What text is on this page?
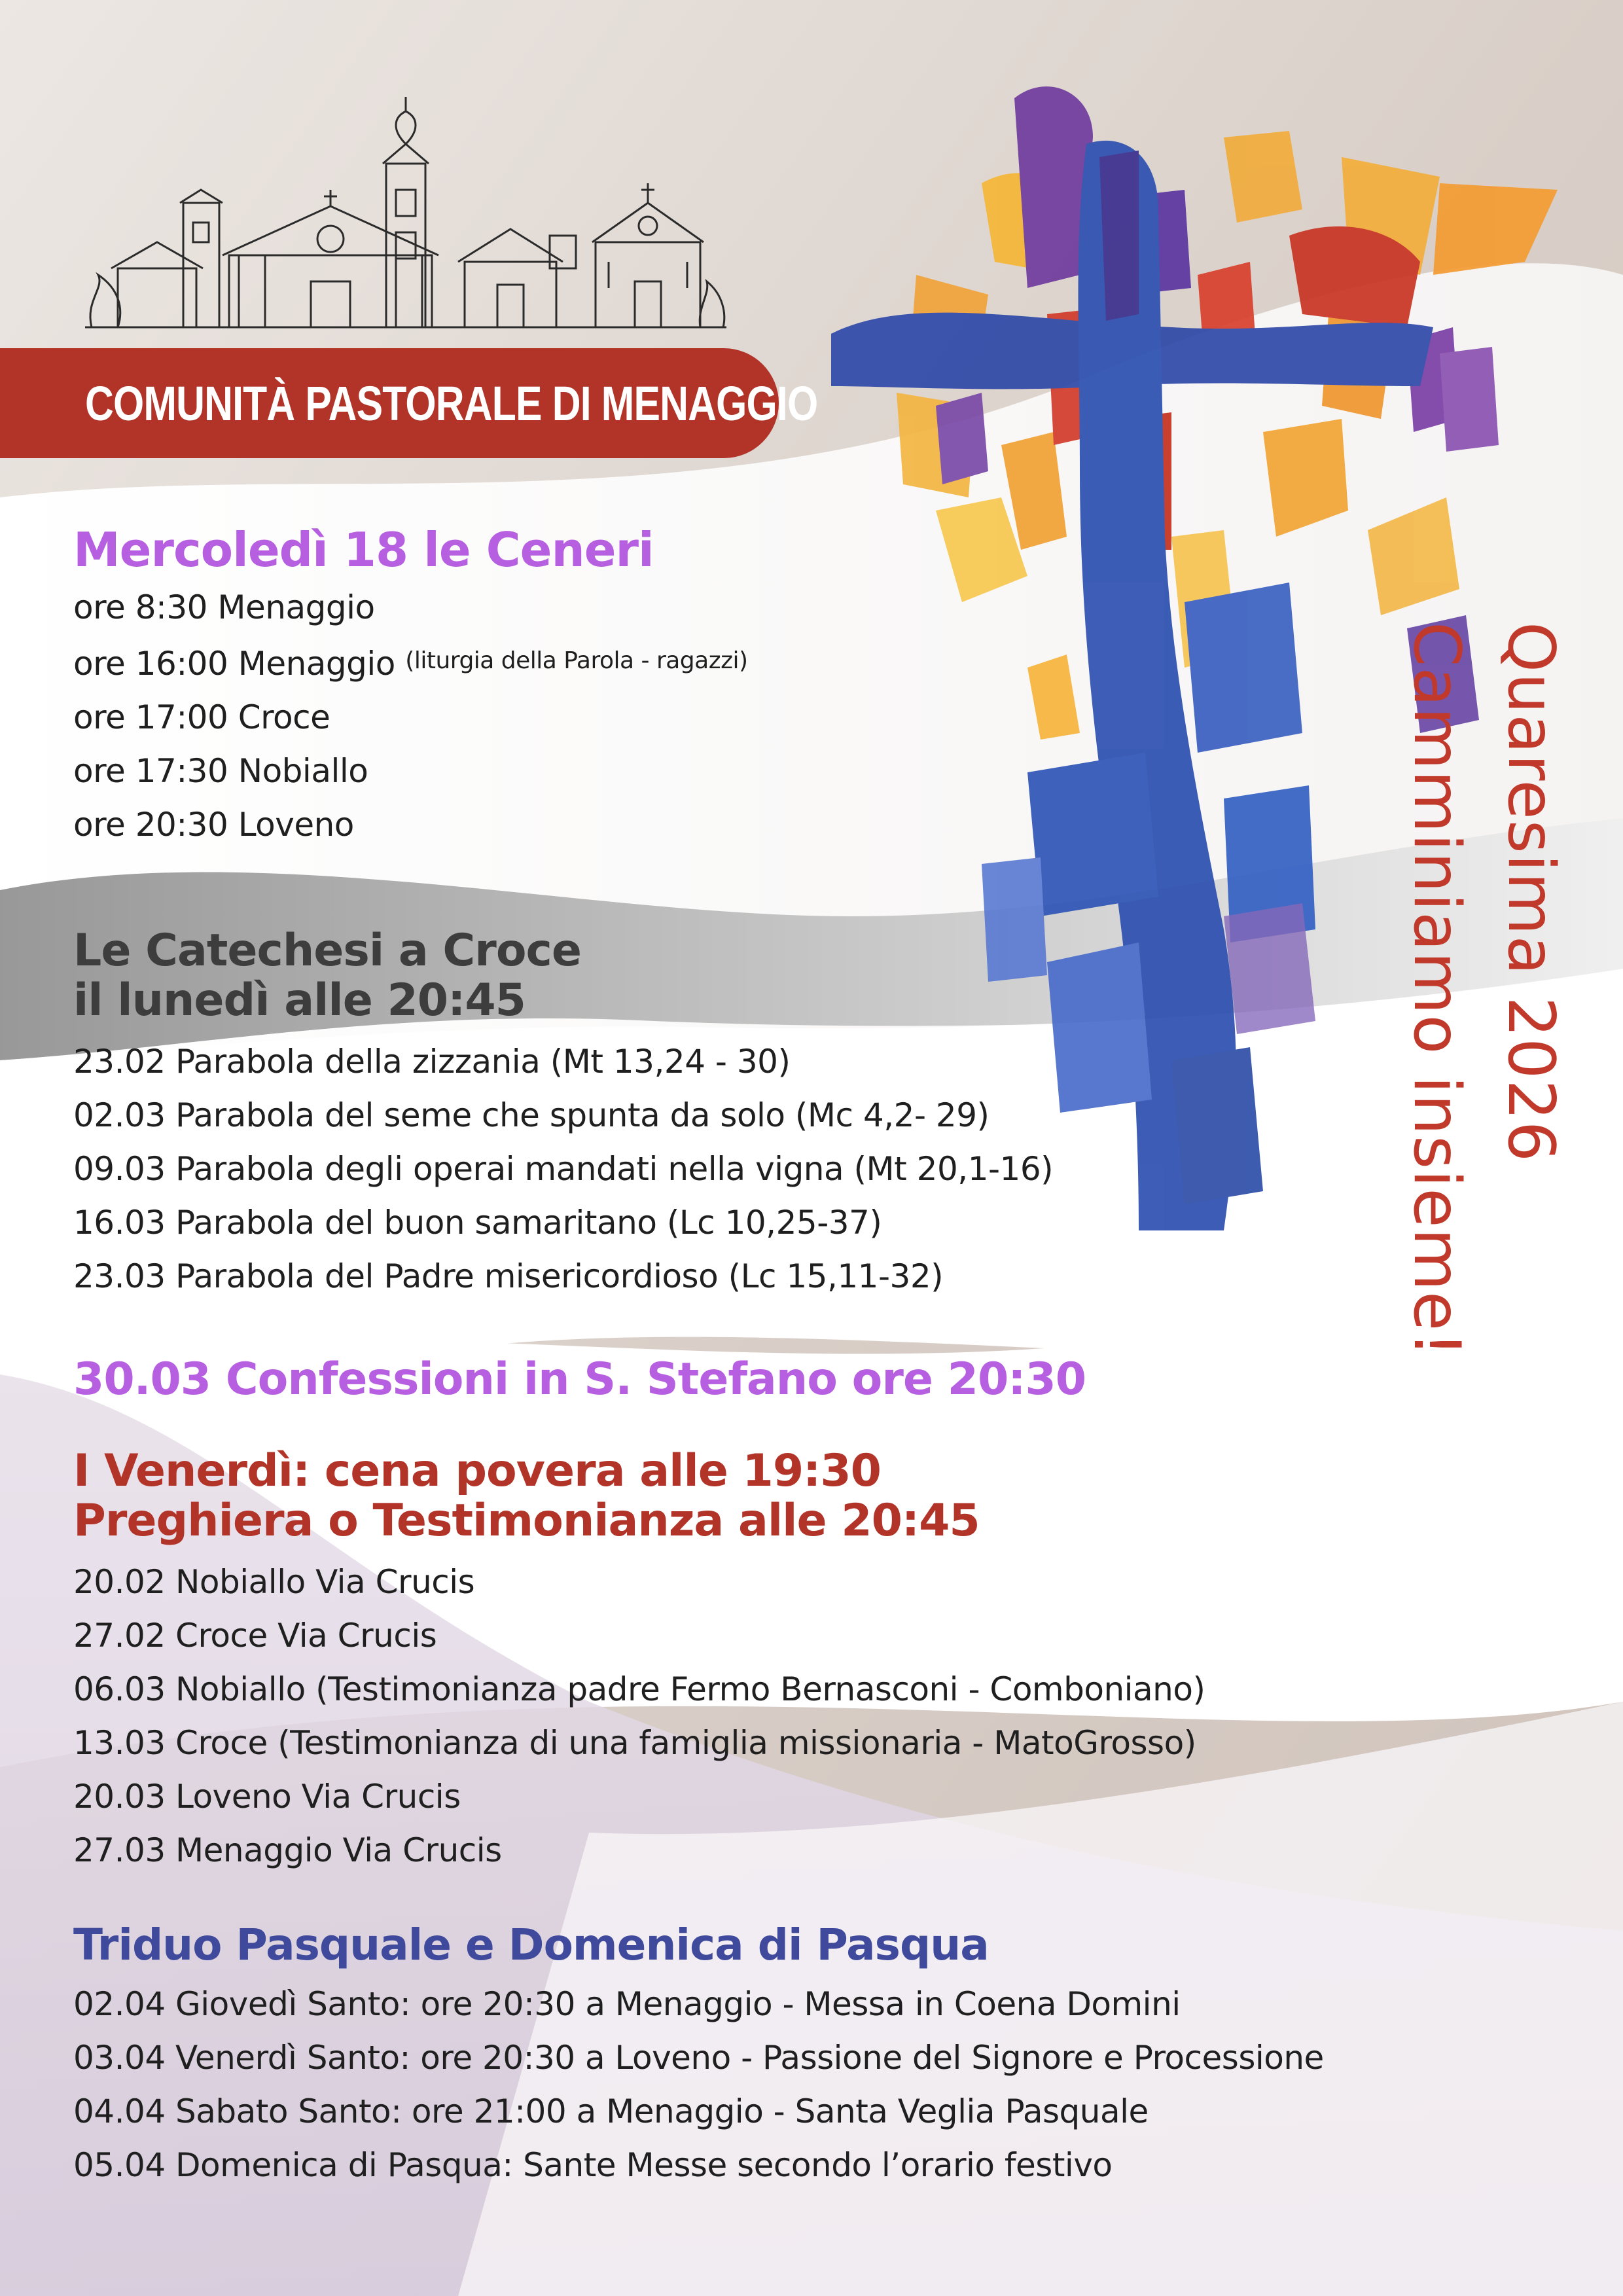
COMUNITÀ PASTORALE DI MENAGGIO
Quaresima 2026
Camminiamo insieme!
Mercoledì 18 le Ceneri
ore 8:30 Menaggio
ore 16:00 Menaggio $^{(liturgia della Parola - ragazzi)}$
ore 17:00 Croce
ore 17:30 Nobiallo
ore 20:30 Loveno
Le Catechesi a Croce
il lunedì alle 20:45
23.02 Parabola della zizzania (Mt 13,24 - 30)
02.03 Parabola del seme che spunta da solo (Mc 4,2- 29)
09.03 Parabola degli operai mandati nella vigna (Mt 20,1-16)
16.03 Parabola del buon samaritano (Lc 10,25-37)
23.03 Parabola del Padre misericordioso (Lc 15,11-32)
30.03 Confessioni in S. Stefano ore 20:30
I Venerdì: cena povera alle 19:30
Preghiera o Testimonianza alle 20:45
20.02 Nobiallo Via Crucis
27.02 Croce Via Crucis
06.03 Nobiallo (Testimonianza padre Fermo Bernasconi - Comboniano)
13.03 Croce (Testimonianza di una famiglia missionaria - MatoGrosso)
20.03 Loveno Via Crucis
27.03 Menaggio Via Crucis
Triduo Pasquale e Domenica di Pasqua
02.04 Giovedì Santo: ore 20:30 a Menaggio - Messa in Coena Domini
03.04 Venerdì Santo: ore 20:30 a Loveno - Passione del Signore e Processione
04.04 Sabato Santo: ore 21:00 a Menaggio - Santa Veglia Pasquale
05.04 Domenica di Pasqua: Sante Messe secondo l’orario festivo
